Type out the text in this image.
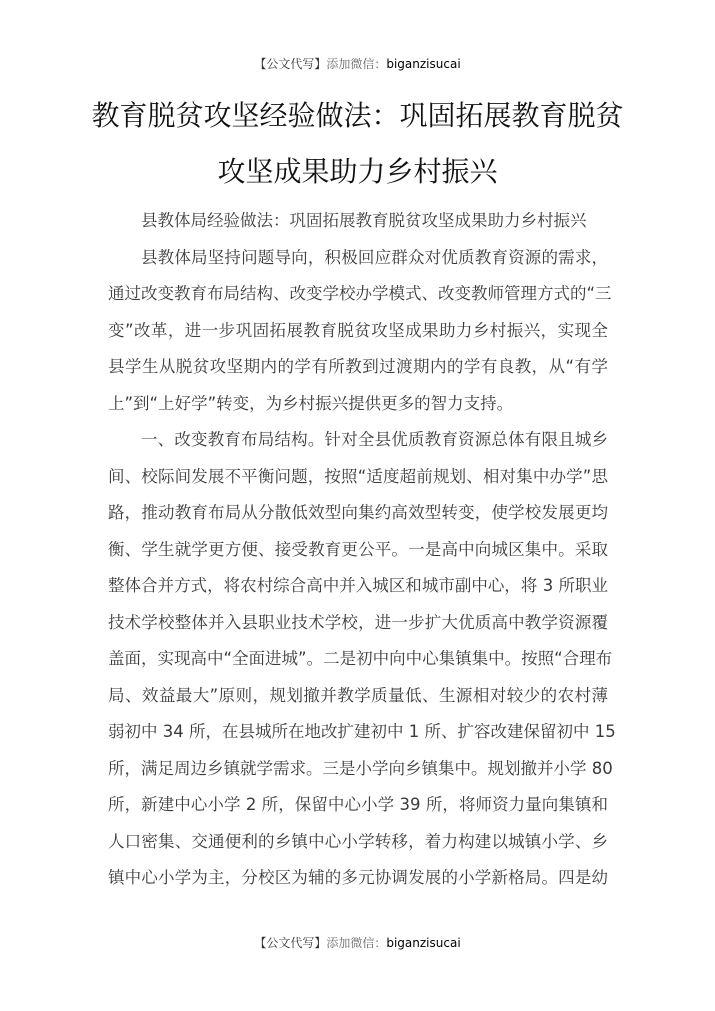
【公文代写】添加微信：biganzisucai
教育脱贫攻坚经验做法：巩固拓展教育脱贫
攻坚成果助力乡村振兴
县教体局经验做法：巩固拓展教育脱贫攻坚成果助力乡村振兴
县教体局坚持问题导向，积极回应群众对优质教育资源的需求，
通过改变教育布局结构、改变学校办学模式、改变教师管理方式的“三
变”改革，进一步巩固拓展教育脱贫攻坚成果助力乡村振兴，实现全
县学生从脱贫攻坚期内的学有所教到过渡期内的学有良教，从“有学
上”到“上好学”转变，为乡村振兴提供更多的智力支持。
一、改变教育布局结构。针对全县优质教育资源总体有限且城乡
间、校际间发展不平衡问题，按照“适度超前规划、相对集中办学”思
路，推动教育布局从分散低效型向集约高效型转变，使学校发展更均
衡、学生就学更方便、接受教育更公平。一是高中向城区集中。采取
整体合并方式，将农村综合高中并入城区和城市副中心，将 3 所职业
技术学校整体并入县职业技术学校，进一步扩大优质高中教学资源覆
盖面，实现高中“全面进城”。二是初中向中心集镇集中。按照“合理布
局、效益最大”原则，规划撤并教学质量低、生源相对较少的农村薄
弱初中 34 所，在县城所在地改扩建初中 1 所、扩容改建保留初中 15
所，满足周边乡镇就学需求。三是小学向乡镇集中。规划撤并小学 80
所，新建中心小学 2 所，保留中心小学 39 所，将师资力量向集镇和
人口密集、交通便利的乡镇中心小学转移，着力构建以城镇小学、乡
镇中心小学为主，分校区为辅的多元协调发展的小学新格局。四是幼
【公文代写】添加微信：biganzisucai
